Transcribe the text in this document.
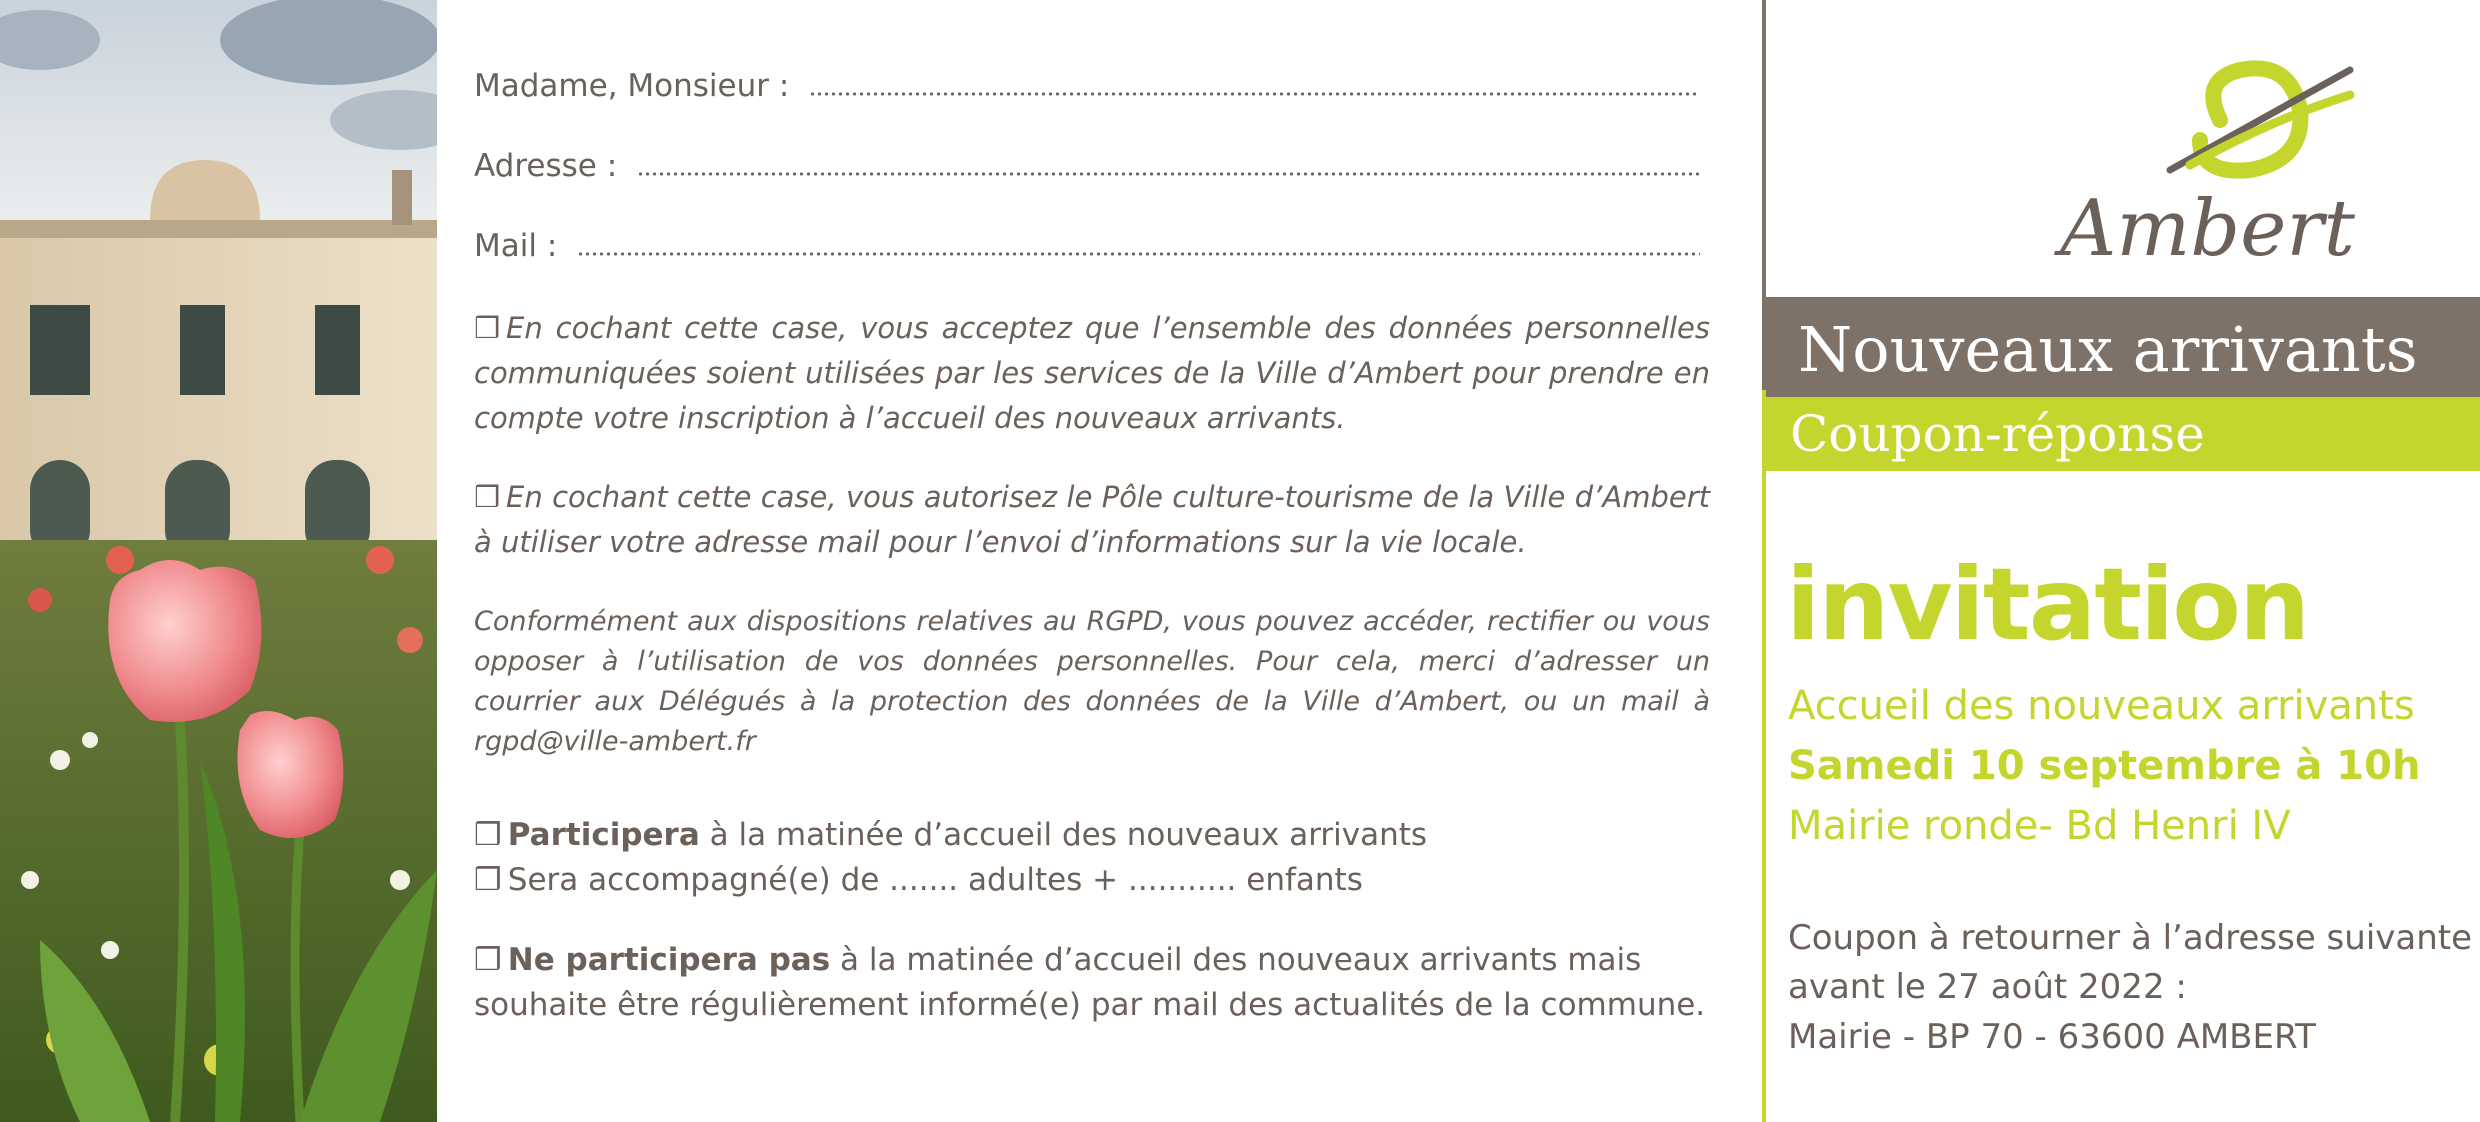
Madame, Monsieur :
Adresse :
Mail :

❒ En cochant cette case, vous acceptez que l’ensemble des données personnelles communiquées soient utilisées par les services de la Ville d’Ambert pour prendre en compte votre inscription à l’accueil des nouveaux arrivants.

❒ En cochant cette case, vous autorisez le Pôle culture-tourisme de la Ville d’Ambert à utiliser votre adresse mail pour l’envoi d’informations sur la vie locale.

Conformément aux dispositions relatives au RGPD, vous pouvez accéder, rectifier ou vous opposer à l’utilisation de vos données personnelles. Pour cela, merci d’adresser un courrier aux Délégués à la protection des données de la Ville d’Ambert, ou un mail à rgpd@ville-ambert.fr

❒ Participera à la matinée d’accueil des nouveaux arrivants
❒ Sera accompagné(e) de ....... adultes + ........... enfants

❒ Ne participera pas à la matinée d’accueil des nouveaux arrivants mais souhaite être régulièrement informé(e) par mail des actualités de la commune.

Ambert
Nouveaux arrivants
Coupon-réponse
invitation
Accueil des nouveaux arrivants
Samedi 10 septembre à 10h
Mairie ronde- Bd Henri IV
Coupon à retourner à l’adresse suivante
avant le 27 août 2022 :
Mairie - BP 70 - 63600 AMBERT
